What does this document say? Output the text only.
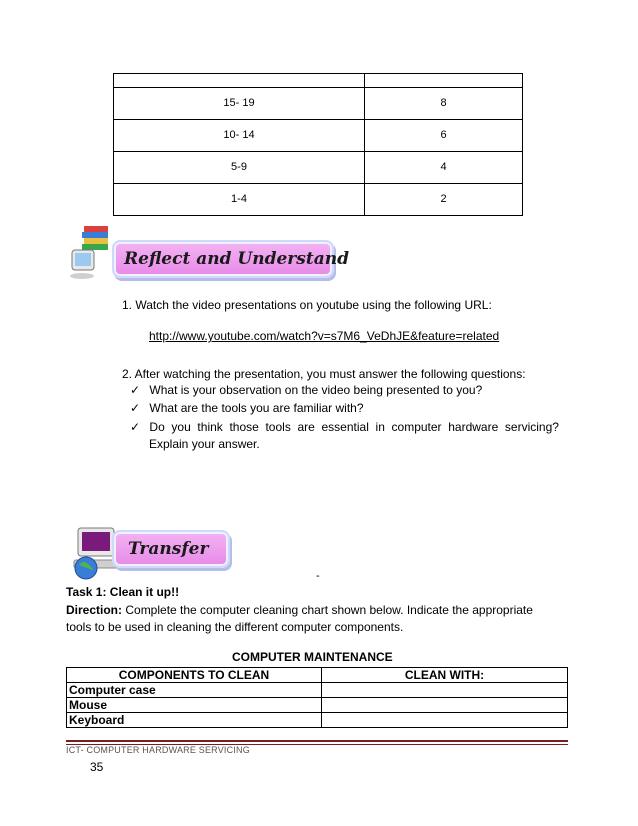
15- 19	8
10- 14	6
5-9	4
1-4	2
Reflect and Understand
1. Watch the video presentations on youtube using the following URL:
http://www.youtube.com/watch?v=s7M6_VeDhJE&feature=related
2. After watching the presentation, you must answer the following questions:
✓ What is your observation on the video being presented to you?
✓ What are the tools you are familiar with?
✓ Do  you  think  those  tools  are  essential  in  computer  hardware  servicing?
Explain your answer.
Transfer
-
Task 1: Clean it up!!
Direction: Complete the computer cleaning chart shown below. Indicate the appropriate
tools to be used in cleaning the different computer components.
COMPUTER MAINTENANCE
COMPONENTS TO CLEAN	CLEAN WITH:
Computer case	
Mouse	
Keyboard	
ICT- COMPUTER HARDWARE SERVICING
35
